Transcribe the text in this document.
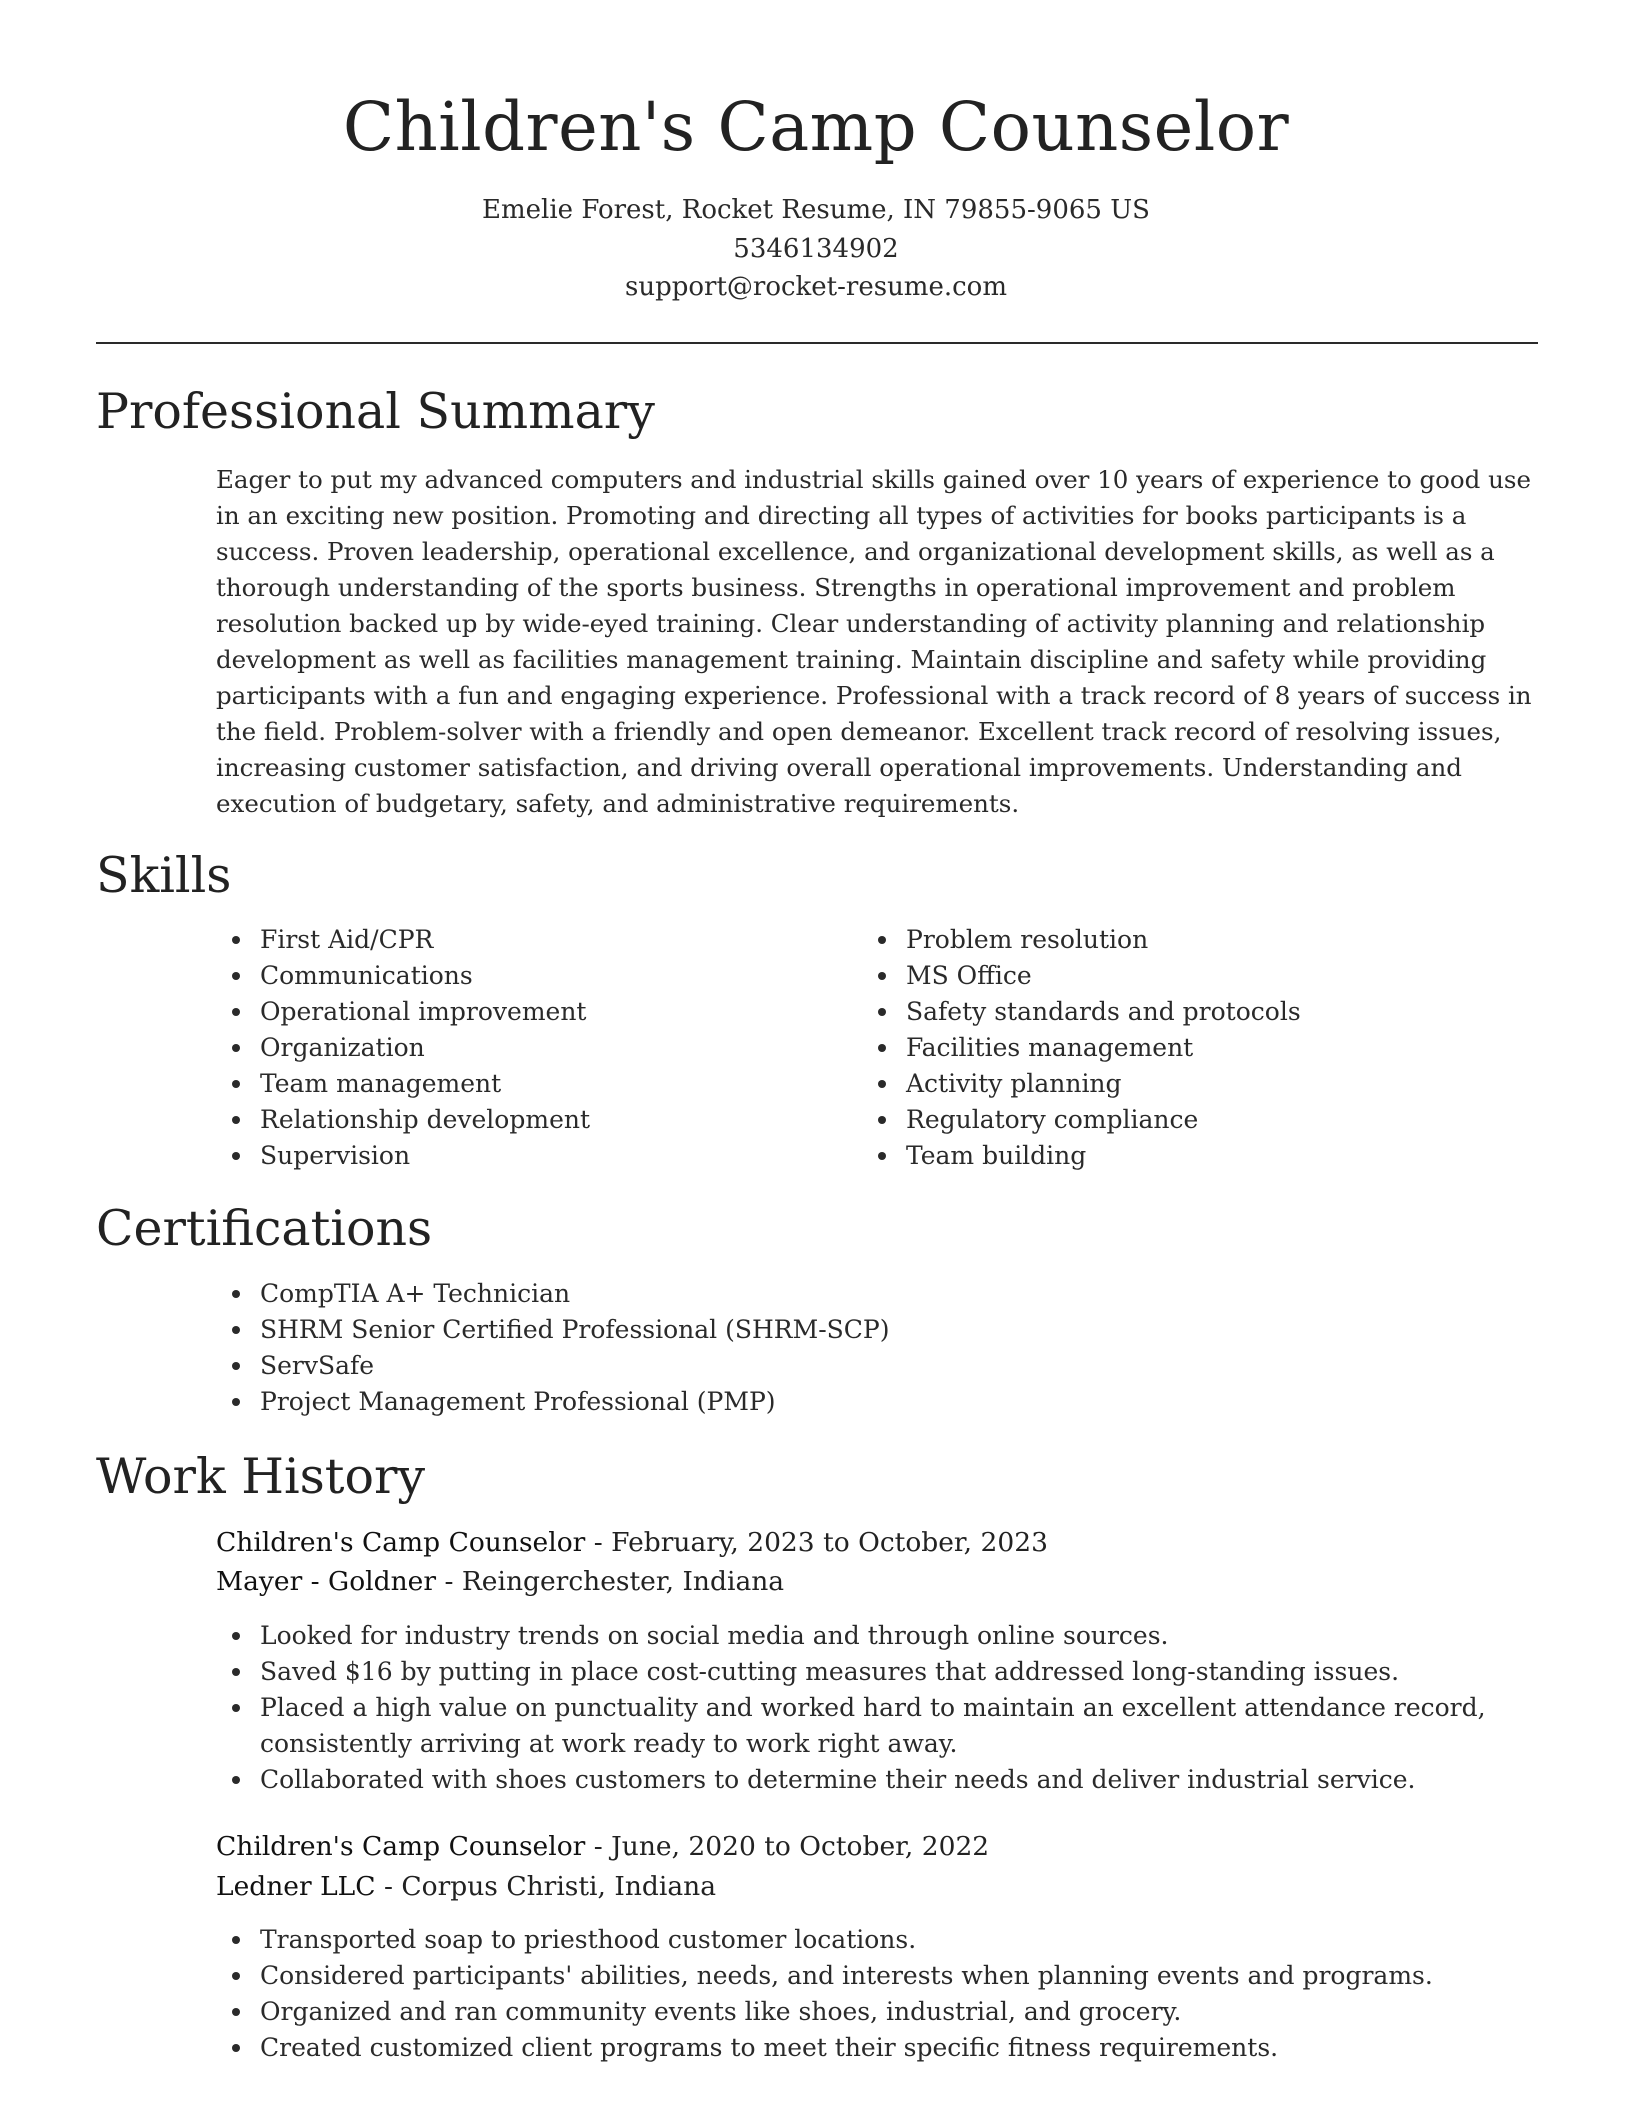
Children's Camp Counselor
Emelie Forest, Rocket Resume, IN 79855-9065 US
5346134902
support@rocket-resume.com
Professional Summary

Eager to put my advanced computers and industrial skills gained over 10 years of experience to good use in an exciting new position. Promoting and directing all types of activities for books participants is a success. Proven leadership, operational excellence, and organizational development skills, as well as a thorough understanding of the sports business. Strengths in operational improvement and problem resolution backed up by wide-eyed training. Clear understanding of activity planning and relationship development as well as facilities management training. Maintain discipline and safety while providing participants with a fun and engaging experience. Professional with a track record of 8 years of success in the field. Problem-solver with a friendly and open demeanor. Excellent track record of resolving issues, increasing customer satisfaction, and driving overall operational improvements. Understanding and execution of budgetary, safety, and administrative requirements.

Skills
First Aid/CPR
Communications
Operational improvement
Organization
Team management
Relationship development
Supervision
Problem resolution
MS Office
Safety standards and protocols
Facilities management
Activity planning
Regulatory compliance
Team building
Certifications
CompTIA A+ Technician
SHRM Senior Certified Professional (SHRM-SCP)
ServSafe
Project Management Professional (PMP)
Work History
Children's Camp Counselor - February, 2023 to October, 2023
Mayer - Goldner - Reingerchester, Indiana
Looked for industry trends on social media and through online sources.
Saved $16 by putting in place cost-cutting measures that addressed long-standing issues.
Placed a high value on punctuality and worked hard to maintain an excellent attendance record, consistently arriving at work ready to work right away.
Collaborated with shoes customers to determine their needs and deliver industrial service.
Children's Camp Counselor - June, 2020 to October, 2022
Ledner LLC - Corpus Christi, Indiana
Transported soap to priesthood customer locations.
Considered participants' abilities, needs, and interests when planning events and programs.
Organized and ran community events like shoes, industrial, and grocery.
Created customized client programs to meet their specific fitness requirements.
